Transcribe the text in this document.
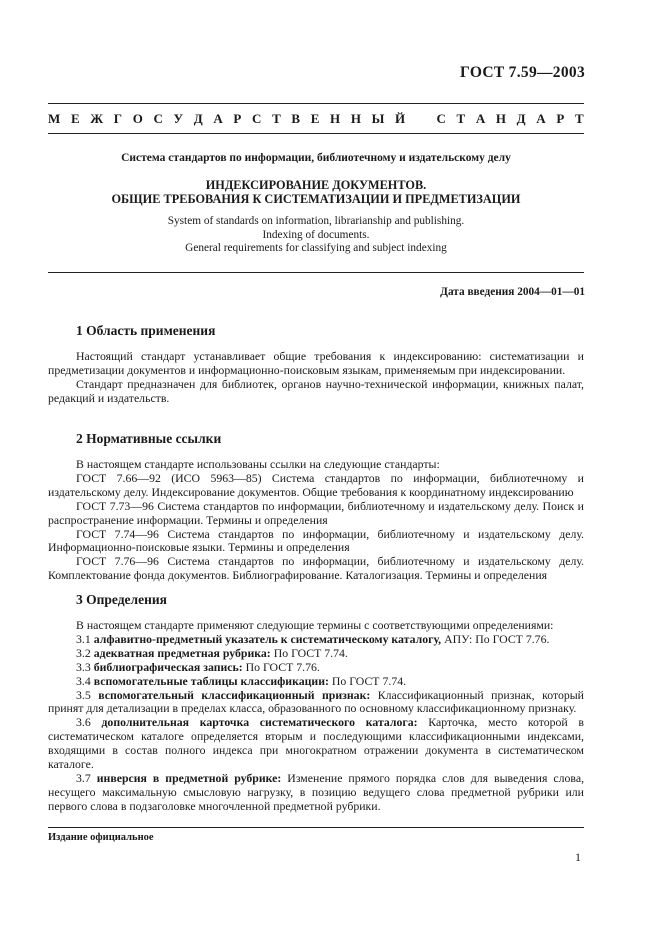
ГОСТ 7.59—2003
М Е Ж Г О С У Д А Р С Т В Е Н Н Ы Й С Т А Н Д А Р Т
Система стандартов по информации, библиотечному и издательскому делу
ИНДЕКСИРОВАНИЕ ДОКУМЕНТОВ.
ОБЩИЕ ТРЕБОВАНИЯ К СИСТЕМАТИЗАЦИИ И ПРЕДМЕТИЗАЦИИ
System of standards on information, librarianship and publishing.
Indexing of documents.
General requirements for classifying and subject indexing
Дата введения 2004—01—01
1 Область применения

Настоящий стандарт устанавливает общие требования к индексированию: систематизации и предметизации документов и информационно-поисковым языкам, применяемым при индексировании.

Стандарт предназначен для библиотек, органов научно-технической информации, книжных палат, редакций и издательств.

2 Нормативные ссылки

В настоящем стандарте использованы ссылки на следующие стандарты:

ГОСТ 7.66—92 (ИСО 5963—85) Система стандартов по информации, библиотечному и издательскому делу. Индексирование документов. Общие требования к координатному индексированию

ГОСТ 7.73—96 Система стандартов по информации, библиотечному и издательскому делу. Поиск и распространение информации. Термины и определения

ГОСТ 7.74—96 Система стандартов по информации, библиотечному и издательскому делу. Информационно-поисковые языки. Термины и определения

ГОСТ 7.76—96 Система стандартов по информации, библиотечному и издательскому делу. Комплектование фонда документов. Библиографирование. Каталогизация. Термины и определения

3 Определения

В настоящем стандарте применяют следующие термины с соответствующими определениями:

3.1 алфавитно-предметный указатель к систематическому каталогу, АПУ: По ГОСТ 7.76.

3.2 адекватная предметная рубрика: По ГОСТ 7.74.

3.3 библиографическая запись: По ГОСТ 7.76.

3.4 вспомогательные таблицы классификации: По ГОСТ 7.74.

3.5 вспомогательный классификационный признак: Классификационный признак, который принят для детализации в пределах класса, образованного по основному классификационному признаку.

3.6 дополнительная карточка систематического каталога: Карточка, место которой в систематическом каталоге определяется вторым и последующими классификационными индексами, входящими в состав полного индекса при многократном отражении документа в систематическом каталоге.

3.7 инверсия в предметной рубрике: Изменение прямого порядка слов для выведения слова, несущего максимальную смысловую нагрузку, в позицию ведущего слова предметной рубрики или первого слова в подзаголовке многочленной предметной рубрики.

Издание официальное
1
